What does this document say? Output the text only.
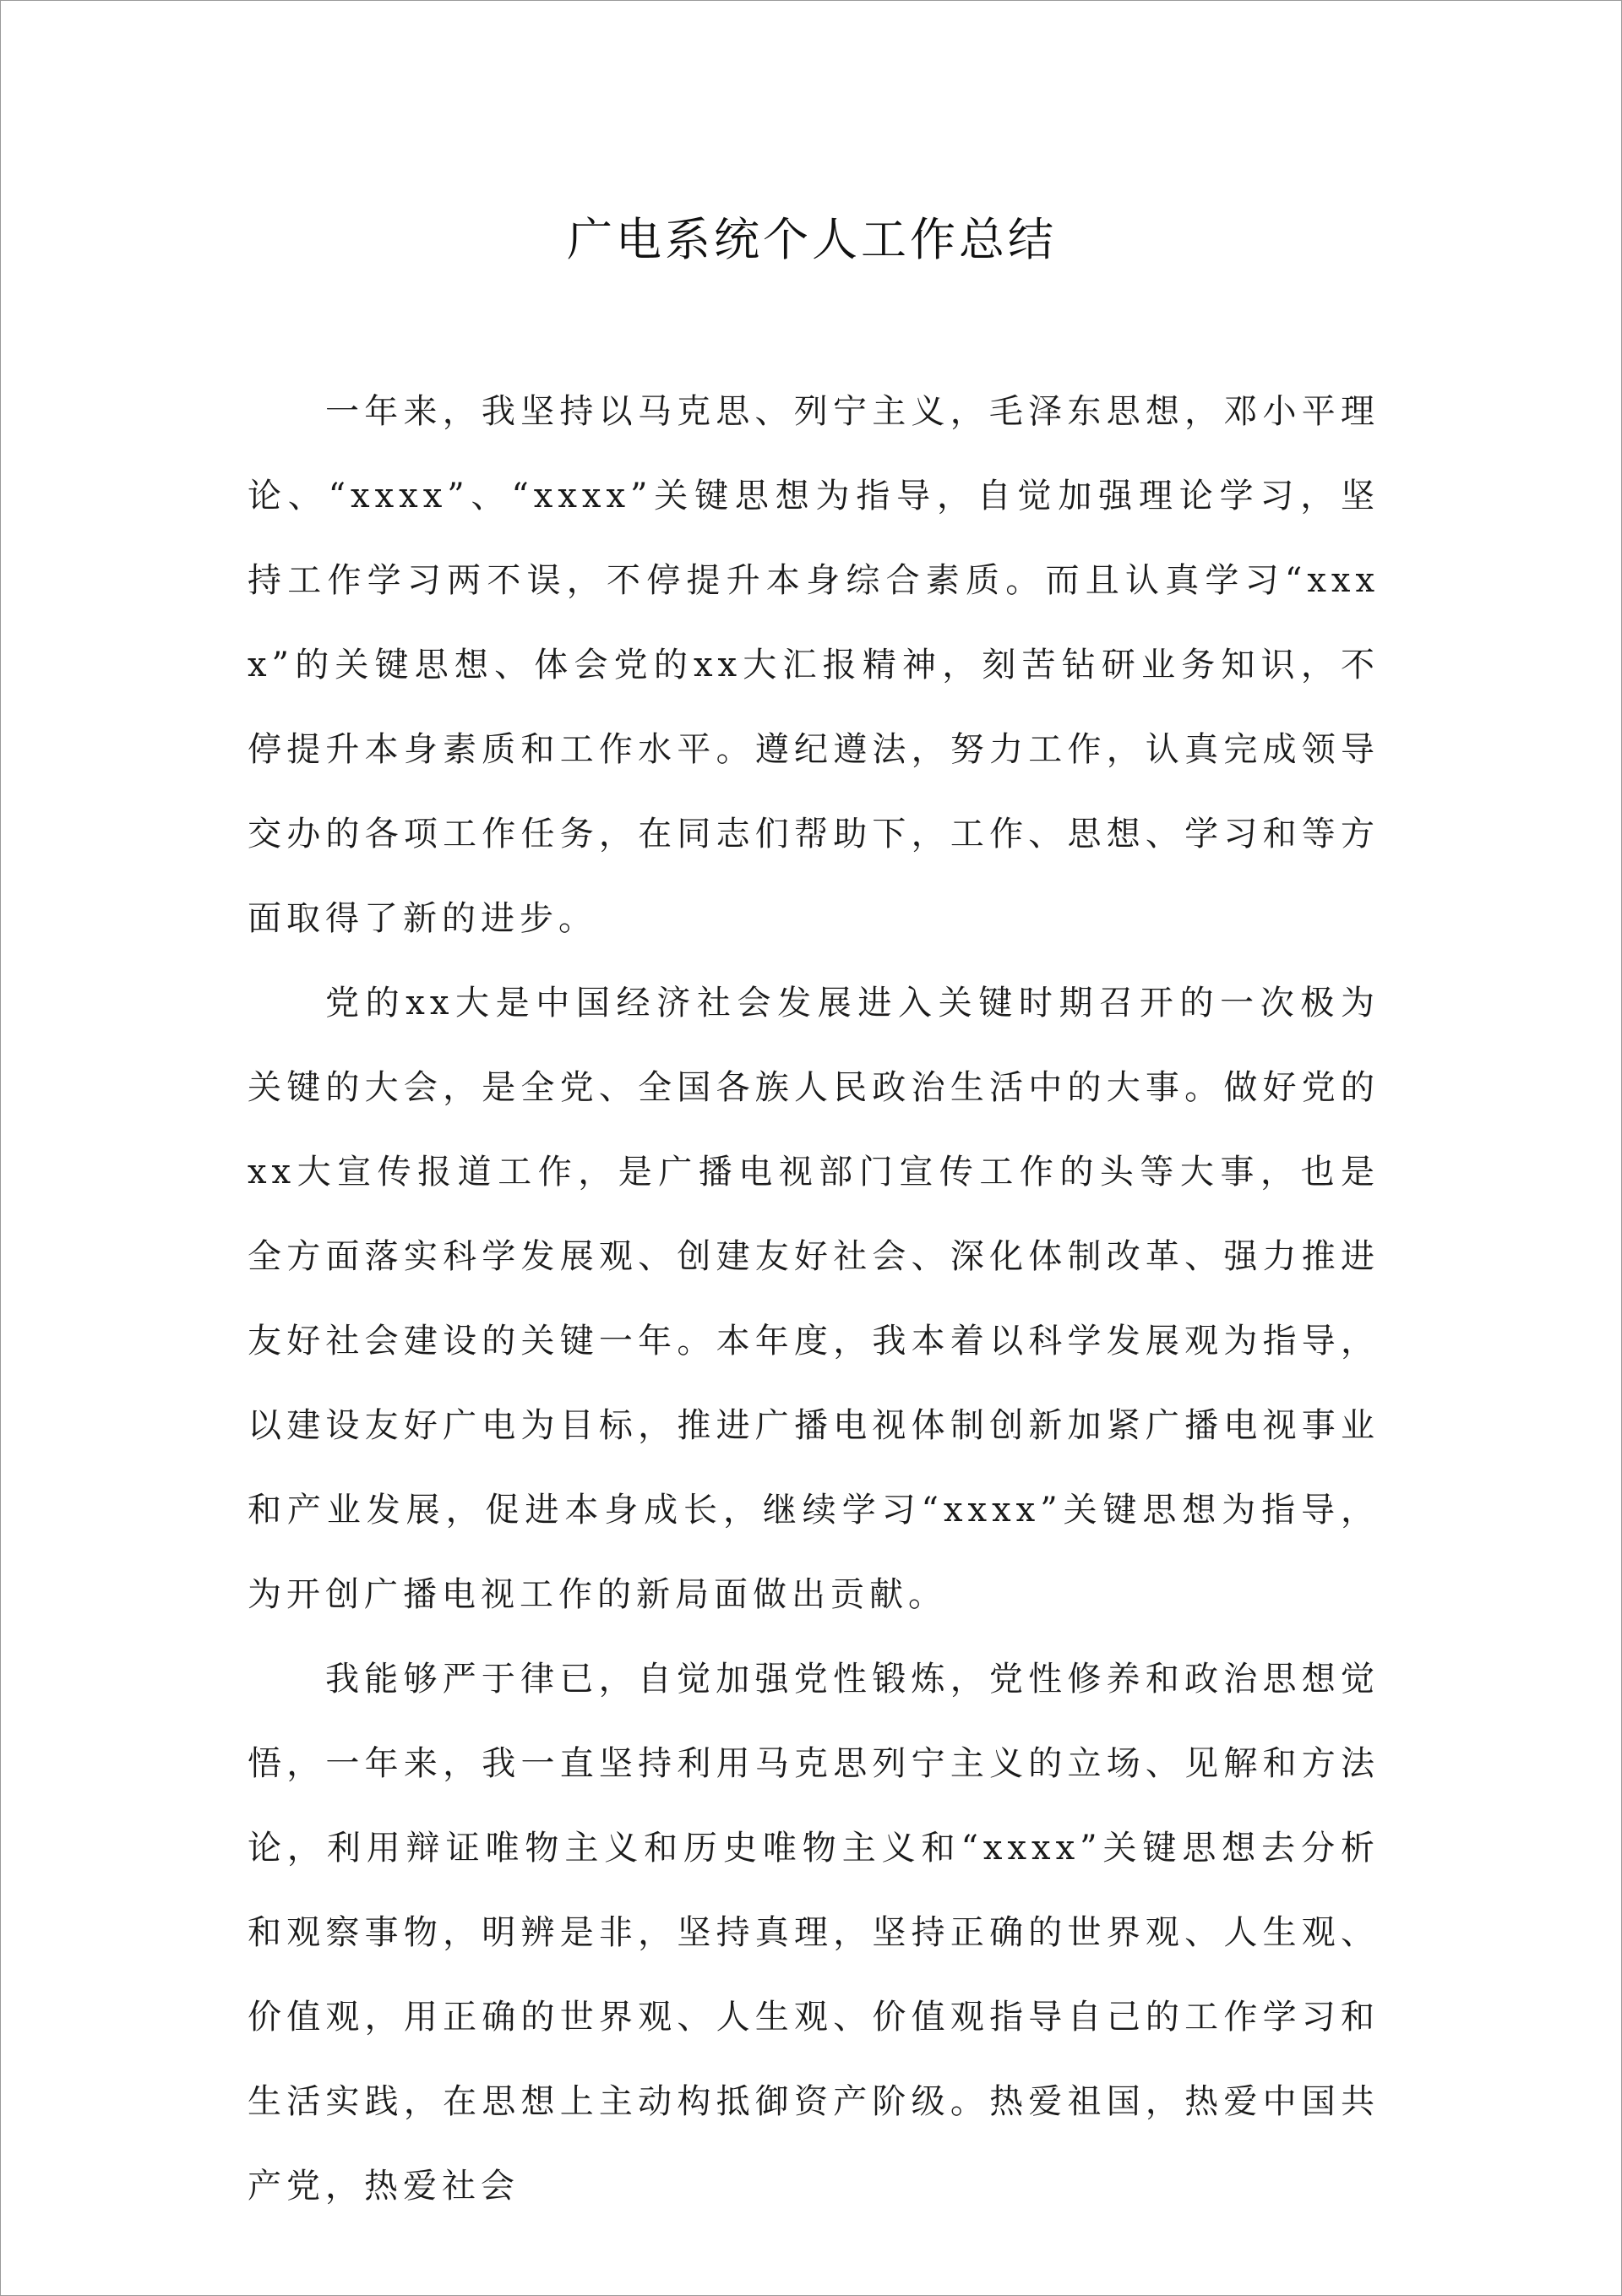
广电系统个人工作总结

一年来，我坚持以马克思、列宁主义，毛泽东思想，邓小平理论、“xxxx”、“xxxx”关键思想为指导，自觉加强理论学习，坚持工作学习两不误，不停提升本身综合素质。而且认真学习“xxxx”的关键思想、体会党的xx大汇报精神，刻苦钻研业务知识，不停提升本身素质和工作水平。遵纪遵法，努力工作，认真完成领导交办的各项工作任务，在同志们帮助下，工作、思想、学习和等方面取得了新的进步。

党的xx大是中国经济社会发展进入关键时期召开的一次极为关键的大会，是全党、全国各族人民政治生活中的大事。做好党的xx大宣传报道工作，是广播电视部门宣传工作的头等大事，也是全方面落实科学发展观、创建友好社会、深化体制改革、强力推进友好社会建设的关键一年。本年度，我本着以科学发展观为指导，以建设友好广电为目标，推进广播电视体制创新加紧广播电视事业和产业发展，促进本身成长，继续学习“xxxx”关键思想为指导，为开创广播电视工作的新局面做出贡献。

我能够严于律已，自觉加强党性锻炼，党性修养和政治思想觉悟，一年来，我一直坚持利用马克思列宁主义的立场、见解和方法论，利用辩证唯物主义和历史唯物主义和“xxxx”关键思想去分析和观察事物，明辨是非，坚持真理，坚持正确的世界观、人生观、价值观，用正确的世界观、人生观、价值观指导自己的工作学习和生活实践，在思想上主动构抵御资产阶级。热爱祖国，热爱中国共产党，热爱社会
